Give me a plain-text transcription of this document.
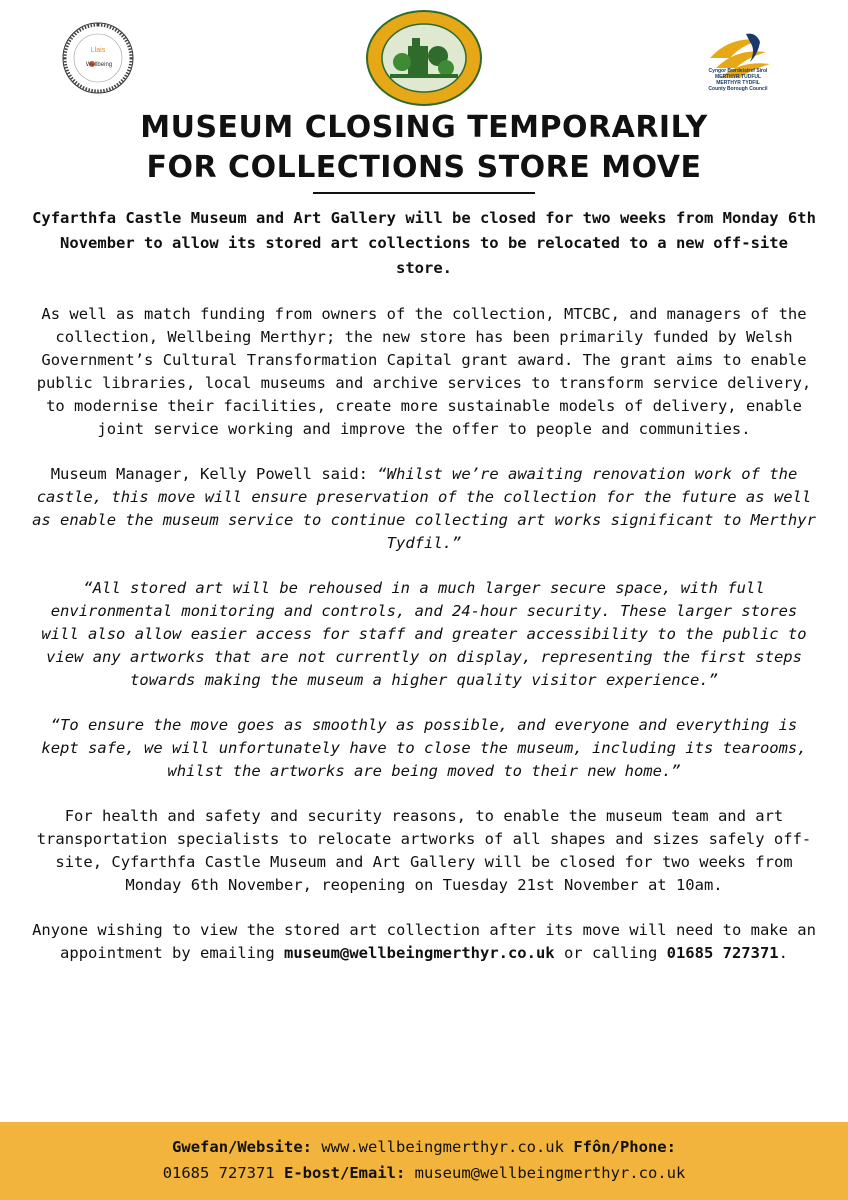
Llais
Wellbeing
Cyngor Bwrdeistref Sirol
MERTHYR TUDFUL
MERTHYR TYDFIL
County Borough Council
MUSEUM CLOSING TEMPORARILY
FOR COLLECTIONS STORE MOVE

Cyfarthfa Castle Museum and Art Gallery will be closed for two weeks from Monday 6th November to allow its stored art collections to be relocated to a new off-site store.

As well as match funding from owners of the collection, MTCBC, and managers of the collection, Wellbeing Merthyr; the new store has been primarily funded by Welsh Government’s Cultural Transformation Capital grant award. The grant aims to enable public libraries, local museums and archive services to transform service delivery, to modernise their facilities, create more sustainable models of delivery, enable joint service working and improve the offer to people and communities.

Museum Manager, Kelly Powell said: “Whilst we’re awaiting renovation work of the castle, this move will ensure preservation of the collection for the future as well as enable the museum service to continue collecting art works significant to Merthyr Tydfil.”

“All stored art will be rehoused in a much larger secure space, with full environmental monitoring and controls, and 24-hour security. These larger stores will also allow easier access for staff and greater accessibility to the public to view any artworks that are not currently on display, representing the first steps towards making the museum a higher quality visitor experience.”

“To ensure the move goes as smoothly as possible, and everyone and everything is kept safe, we will unfortunately have to close the museum, including its tearooms, whilst the artworks are being moved to their new home.”

For health and safety and security reasons, to enable the museum team and art transportation specialists to relocate artworks of all shapes and sizes safely off-site, Cyfarthfa Castle Museum and Art Gallery will be closed for two weeks from Monday 6th November, reopening on Tuesday 21st November at 10am.

Anyone wishing to view the stored art collection after its move will need to make an appointment by emailing museum@wellbeingmerthyr.co.uk or calling 01685 727371.

Gwefan/Website: www.wellbeingmerthyr.co.uk Ffôn/Phone:
01685 727371 E-bost/Email: museum@wellbeingmerthyr.co.uk
